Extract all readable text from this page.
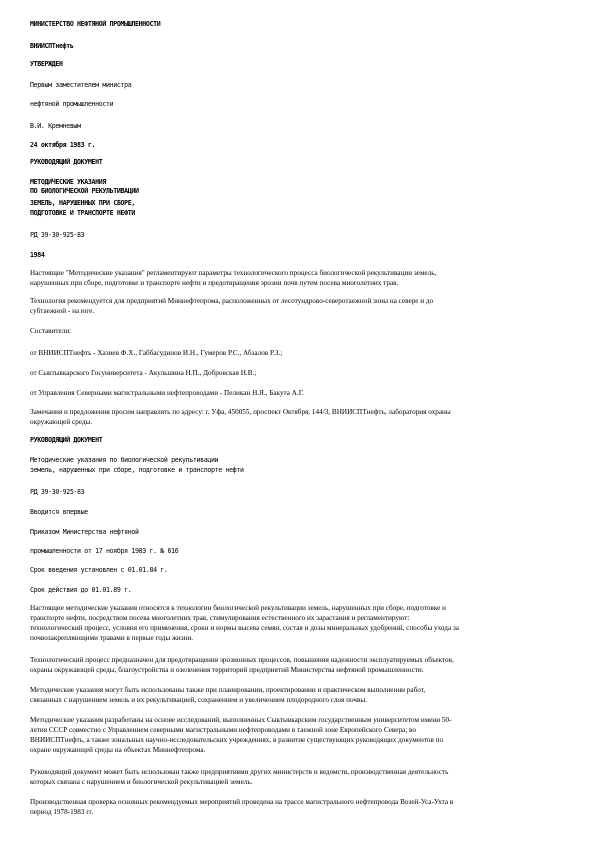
МИНИСТЕРСТВО НЕФТЯНОЙ ПРОМЫШЛЕННОСТИ
ВНИИСПТнефть
УТВЕРЖДЕН
Первым заместителем министра
нефтяной промышленности
В.И. Кремневым
24 октября 1983 г.
РУКОВОДЯЩИЙ ДОКУМЕНТ
МЕТОДИЧЕСКИЕ УКАЗАНИЯ
ПО БИОЛОГИЧЕСКОЙ РЕКУЛЬТИВАЦИИ
ЗЕМЕЛЬ, НАРУШЕННЫХ ПРИ СБОРЕ,
ПОДГОТОВКЕ И ТРАНСПОРТЕ НЕФТИ
РД 39-30-925-83
1984
Настоящие "Методические указания" регламентируют параметры технологического процесса биологической рекультивации земель,
нарушенных при сборе, подготовке и транспорте нефти и предотвращения эрозии почв путем посева многолетних трав.
Технология рекомендуется для предприятий Миннефтепрома, расположенных от лесотундрово-северотаежной зоны на севере и до
субтаежной - на юге.
Составители:
от ВНИИСПТнефть - Хазиев Ф.Х., Габбасудинов И.Н., Гумеров Р.С., Абзалов Р.З.;
от Сыктывкарского Госуниверситета - Акульшина Н.П., Добровская Н.В.;
от Управления Северными магистральными нефтепроводами - Пеликан Н.Я., Бакута А.Г.
Замечания и предложения просим направлять по адресу: г. Уфа, 450055, проспект Октября, 144/3, ВНИИСПТнефть, лаборатория охраны
окружающей среды.
РУКОВОДЯЩИЙ ДОКУМЕНТ
Методические указания по биологической рекультивации
земель, нарушенных при сборе, подготовке и транспорте нефти
РД 39-30-925-83
Вводится впервые
Приказом Министерства нефтяной
промышленности от 17 ноября 1983 г. № 616
Срок введения установлен с 01.01.84 г.
Срок действия до 01.01.89 г.
Настоящие методические указания относятся к технологии биологической рекультивации земель, нарушенных при сборе, подготовке и
транспорте нефти, посредством посева многолетних трав, стимулирования естественного их зарастания и регламентируют:
технологический процесс, условия его применения, сроки и нормы высева семян, состав и дозы минеральных удобрений, способы ухода за
почвозакрепляющими травами в первые годы жизни.
Технологический процесс предназначен для предотвращения эрозионных процессов, повышения надежности эксплуатируемых объектов,
охраны окружающей среды, благоустройства и озеленения территорий предприятий Министерства нефтяной промышленности.
Методические указания могут быть использованы также при планировании, проектировании и практическом выполнении работ,
связанных с нарушением земель и их рекультивацией, сохранением и увеличением плодородного слоя почвы.
Методические указания разработаны на основе исследований, выполненных Сыктывкарским государственным университетом имени 50-
летия СССР совместно с Управлением северными магистральными нефтепроводами в таежной зоне Европейского Севера; во
ВНИИСПТнефть, а также зональных научно-исследовательских учреждениях, в развитие существующих руководящих документов по
охране окружающей среды на объектах Миннефтепрома.
Руководящий документ может быть использован также предприятиями других министерств и ведомств, производственная деятельность
которых связана с нарушением и биологической рекультивацией земель.
Производственная проверка основных рекомендуемых мероприятий проведена на трассе магистрального нефтепровода Возей-Уса-Ухта в
период 1978-1983 гг.
